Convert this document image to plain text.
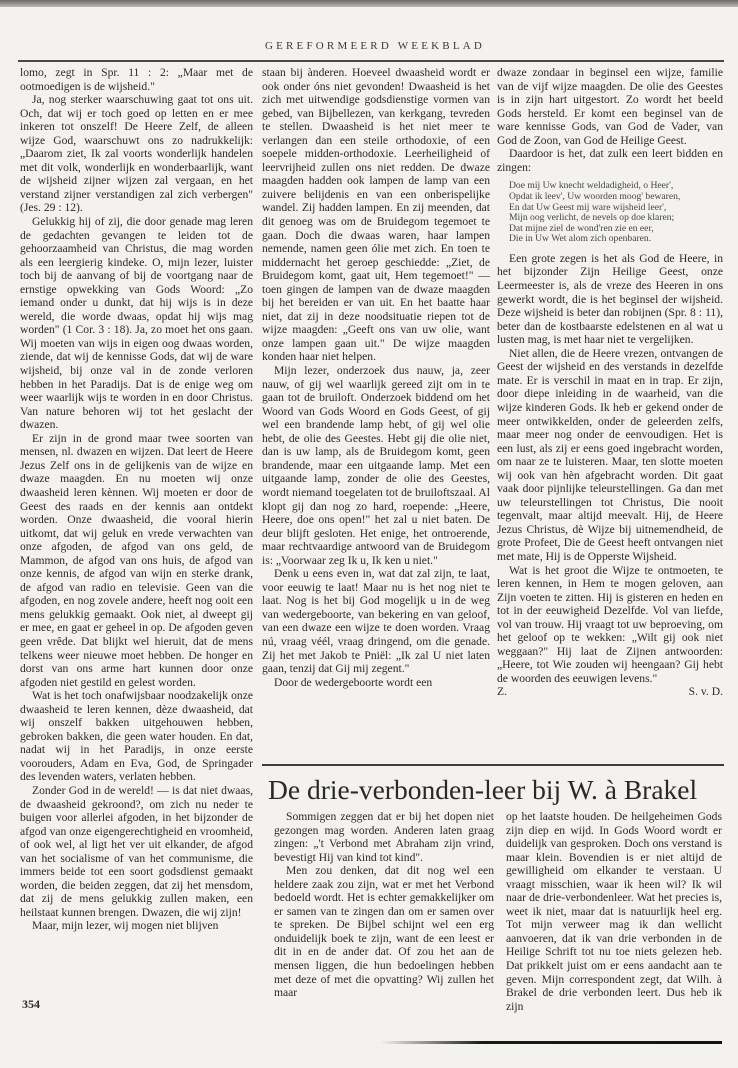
GEREFORMEERD WEEKBLAD

lomo, zegt in Spr. 11 : 2: „Maar met de ootmoedigen is de wijsheid."

Ja, nog sterker waarschuwing gaat tot ons uit. Och, dat wij er toch goed op letten en er mee inkeren tot onszelf! De Heere Zelf, de alleen wijze God, waarschuwt ons zo nadrukkelijk: „Daarom ziet, Ik zal voorts wonderlijk handelen met dit volk, wonderlijk en wonderbaarlijk, want de wijsheid zijner wijzen zal vergaan, en het verstand zijner verstandigen zal zich verbergen" (Jes. 29 : 12).

Gelukkig hij of zij, die door genade mag leren de gedachten gevangen te leiden tot de gehoorzaamheid van Christus, die mag worden als een leergierig kindeke. O, mijn lezer, luister toch bij de aanvang of bij de voortgang naar de ernstige opwekking van Gods Woord: „Zo iemand onder u dunkt, dat hij wijs is in deze wereld, die worde dwaas, opdat hij wijs mag worden" (1 Cor. 3 : 18). Ja, zo moet het ons gaan. Wij moeten van wijs in eigen oog dwaas worden, ziende, dat wij de kennisse Gods, dat wij de ware wijsheid, bij onze val in de zonde verloren hebben in het Paradijs. Dat is de enige weg om weer waarlijk wijs te worden in en door Christus. Van nature behoren wij tot het geslacht der dwazen.

Er zijn in de grond maar twee soorten van mensen, nl. dwazen en wijzen. Dat leert de Heere Jezus Zelf ons in de gelijkenis van de wijze en dwaze maagden. En nu moeten wij onze dwaasheid leren kènnen. Wij moeten er door de Geest des raads en der kennis aan ontdekt worden. Onze dwaasheid, die vooral hierin uitkomt, dat wij geluk en vrede verwachten van onze afgoden, de afgod van ons geld, de Mammon, de afgod van ons huis, de afgod van onze kennis, de afgod van wijn en sterke drank, de afgod van radio en televisie. Geen van die afgoden, en nog zovele andere, heeft nog ooit een mens gelukkig gemaakt. Ook niet, al dweept gij er mee, en gaat er geheel in op. De afgoden geven geen vrêde. Dat blijkt wel hieruit, dat de mens telkens weer nieuwe moet hebben. De honger en dorst van ons arme hart kunnen door onze afgoden niet gestild en gelest worden.

Wat is het toch onafwijsbaar noodzakelijk onze dwaasheid te leren kennen, dèze dwaasheid, dat wij onszelf bakken uitgehouwen hebben, gebroken bakken, die geen water houden. En dat, nadat wij in het Paradijs, in onze eerste voorouders, Adam en Eva, God, de Springader des levenden waters, verlaten hebben.

Zonder God in de wereld! — is dat niet dwaas, de dwaasheid gekroond?, om zich nu neder te buigen voor allerlei afgoden, in het bijzonder de afgod van onze eigengerechtigheid en vroomheid, of ook wel, al ligt het ver uit elkander, de afgod van het socialisme of van het communisme, die immers beide tot een soort godsdienst gemaakt worden, die beiden zeggen, dat zij het mensdom, dat zij de mens gelukkig zullen maken, een heilstaat kunnen brengen. Dwazen, die wij zijn!

Maar, mijn lezer, wij mogen niet blijven

staan bij ànderen. Hoeveel dwaasheid wordt er ook onder óns niet gevonden! Dwaasheid is het zich met uitwendige godsdienstige vormen van gebed, van Bijbellezen, van kerkgang, tevreden te stellen. Dwaasheid is het niet meer te verlangen dan een steile orthodoxie, of een soepele midden-orthodoxie. Leerheiligheid of leervrijheid zullen ons niet redden. De dwaze maagden hadden ook lampen de lamp van een zuivere belijdenis en van een onberispelijke wandel. Zij hadden lampen. En zij meenden, dat dit genoeg was om de Bruidegom tegemoet te gaan. Doch die dwaas waren, haar lampen nemende, namen geen ólie met zich. En toen te middernacht het geroep geschiedde: „Ziet, de Bruidegom komt, gaat uit, Hem tegemoet!" — toen gingen de lampen van de dwaze maagden bij het bereiden er van uit. En het baatte haar niet, dat zij in deze noodsituatie riepen tot de wijze maagden: „Geeft ons van uw olie, want onze lampen gaan uit." De wijze maagden konden haar niet helpen.

Mijn lezer, onderzoek dus nauw, ja, zeer nauw, of gij wel waarlijk gereed zijt om in te gaan tot de bruiloft. Onderzoek biddend om het Woord van Gods Woord en Gods Geest, of gij wel een brandende lamp hebt, of gij wel olie hebt, de olie des Geestes. Hebt gij die olie niet, dan is uw lamp, als de Bruidegom komt, geen brandende, maar een uitgaande lamp. Met een uitgaande lamp, zonder de olie des Geestes, wordt niemand toegelaten tot de bruiloftszaal. Al klopt gij dan nog zo hard, roepende: „Heere, Heere, doe ons open!" het zal u niet baten. De deur blijft gesloten. Het enige, het ontroerende, maar rechtvaardige antwoord van de Bruidegom is: „Voorwaar zeg Ik u, Ik ken u niet."

Denk u eens even in, wat dat zal zijn, te laat, voor eeuwig te laat! Maar nu is het nog niet te laat. Nog is het bij God mogelijk u in de weg van wedergeboorte, van bekering en van geloof, van een dwaze een wijze te doen worden. Vraag nú, vraag véél, vraag dringend, om die genade. Zij het met Jakob te Pniël: „Ik zal U niet laten gaan, tenzij dat Gij mij zegent."

Door de wedergeboorte wordt een

dwaze zondaar in beginsel een wijze, familie van de vijf wijze maagden. De olie des Geestes is in zijn hart uitgestort. Zo wordt het beeld Gods hersteld. Er komt een beginsel van de ware kennisse Gods, van God de Vader, van God de Zoon, van God de Heilige Geest.

Daardoor is het, dat zulk een leert bidden en zingen:

Doe mij Uw knecht weldadigheid, o Heer',
Opdat ik leev', Uw woorden moog' bewaren,
En dat Uw Geest mij ware wijsheid leer',
Mijn oog verlicht, de nevels op doe klaren;
Dat mijne ziel de wond'ren zie en eer,
Die in Uw Wet alom zich openbaren.

Een grote zegen is het als God de Heere, in het bijzonder Zijn Heilige Geest, onze Leermeester is, als de vreze des Heeren in ons gewerkt wordt, die is het beginsel der wijsheid. Deze wijsheid is beter dan robijnen (Spr. 8 : 11), beter dan de kostbaarste edelstenen en al wat u lusten mag, is met haar niet te vergelijken.

Niet allen, die de Heere vrezen, ontvangen de Geest der wijsheid en des verstands in dezelfde mate. Er is verschil in maat en in trap. Er zijn, door diepe inleiding in de waarheid, van die wijze kinderen Gods. Ik heb er gekend onder de meer ontwikkelden, onder de geleerden zelfs, maar meer nog onder de eenvoudigen. Het is een lust, als zij er eens goed ingebracht worden, om naar ze te luisteren. Maar, ten slotte moeten wij ook van hèn afgebracht worden. Dit gaat vaak door pijnlijke teleurstellingen. Ga dan met uw teleurstellingen tot Christus, Die nooit tegenvalt, maar altijd meevalt. Hij, de Heere Jezus Christus, dè Wijze bij uitnemendheid, de grote Profeet, Die de Geest heeft ontvangen niet met mate, Hij is de Opperste Wijsheid.

Wat is het groot die Wijze te ontmoeten, te leren kennen, in Hem te mogen geloven, aan Zijn voeten te zitten. Hij is gisteren en heden en tot in der eeuwigheid Dezelfde. Vol van liefde, vol van trouw. Hij vraagt tot uw beproeving, om het geloof op te wekken: „Wilt gij ook niet weggaan?" Hij laat de Zijnen antwoorden: „Heere, tot Wie zouden wij heengaan? Gij hebt de woorden des eeuwigen levens."

Z.	S. v. D.
354
De drie-verbonden-leer bij W. à Brakel

Sommigen zeggen dat er bij het dopen niet gezongen mag worden. Anderen laten graag zingen: „'t Verbond met Abraham zijn vrind, bevestigt Hij van kind tot kind".

Men zou denken, dat dit nog wel een heldere zaak zou zijn, wat er met het Verbond bedoeld wordt. Het is echter gemakkelijker om er samen van te zingen dan om er samen over te spreken. De Bijbel schijnt wel een erg onduidelijk boek te zijn, want de een leest er dit in en de ander dat. Of zou het aan de mensen liggen, die hun bedoelingen hebben met deze of met die opvatting? Wij zullen het maar

op het laatste houden. De heilgeheimen Gods zijn diep en wijd. In Gods Woord wordt er duidelijk van gesproken. Doch ons verstand is maar klein. Bovendien is er niet altijd de gewilligheid om elkander te verstaan. U vraagt misschien, waar ik heen wil? Ik wil naar de drie-verbondenleer. Wat het precies is, weet ik niet, maar dat is natuurlijk heel erg. Tot mijn verweer mag ik dan wellicht aanvoeren, dat ik van drie verbonden in de Heilige Schrift tot nu toe niets gelezen heb. Dat prikkelt juist om er eens aandacht aan te geven. Mijn correspondent zegt, dat Wilh. à Brakel de drie verbonden leert. Dus heb ik zijn
